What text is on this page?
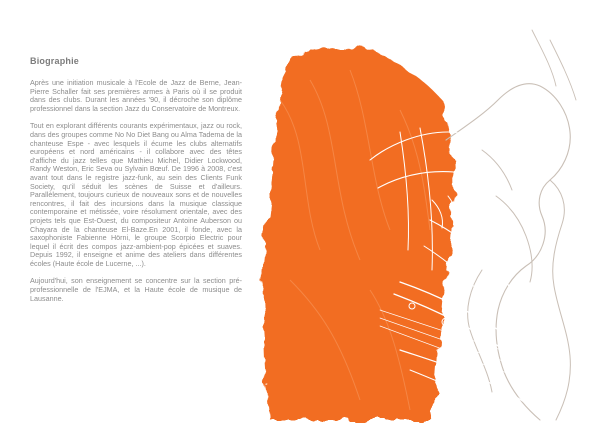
Biographie

Après une initiation musicale à l'Ecole de Jazz de Berne, Jean-Pierre Schaller fait ses premières armes à Paris où il se produit dans des clubs. Durant les années '90, il décroche son diplôme professionnel dans la section Jazz du Conservatoire de Montreux.

Tout en explorant différents courants expérimentaux, jazz ou rock, dans des groupes comme No No Diet Bang ou Alma Tadema de la chanteuse Espe - avec lesquels il écume les clubs alternatifs européens et nord américains - il collabore avec des têtes d'affiche du jazz telles que Mathieu Michel, Didier Lockwood, Randy Weston, Eric Seva ou Sylvain Bœuf. De 1996 à 2008, c'est avant tout dans le registre jazz-funk, au sein des Clients Funk Society, qu'il séduit les scènes de Suisse et d'ailleurs. Parallèlement, toujours curieux de nouveaux sons et de nouvelles rencontres, il fait des incursions dans la musique classique contemporaine et métissée, voire résolument orientale, avec des projets tels que Est-Ouest, du compositeur Antoine Auberson ou Chayara de la chanteuse El-Baze.En 2001, il fonde, avec la saxophoniste Fabienne Hörni, le groupe Scorpio Electric pour lequel il écrit des compos jazz-ambient-pop épicées et suaves. Depuis 1992, il enseigne et anime des ateliers dans différentes écoles (Haute école de Lucerne, ...).

Aujourd'hui, son enseignement se concentre sur la section pré-professionnelle de l'EJMA, et la Haute école de musique de Lausanne.
